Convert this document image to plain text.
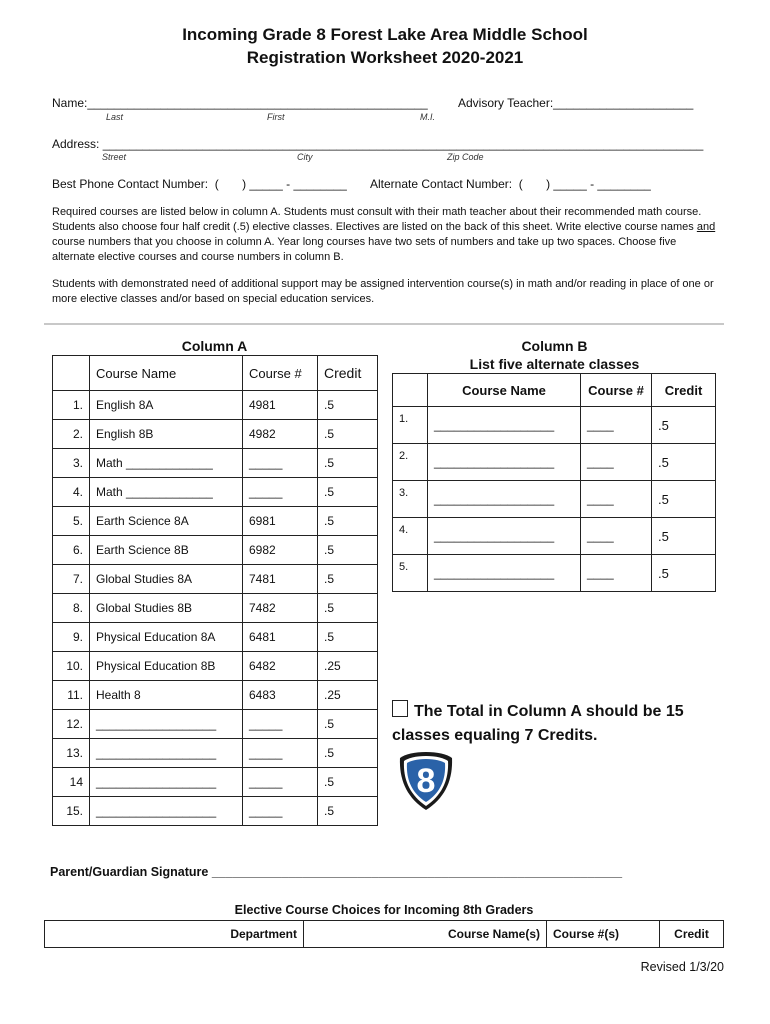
Incoming Grade 8 Forest Lake Area Middle School
Registration Worksheet 2020-2021
Name:___________________________________________________	Advisory Teacher:_____________________
Last	First	M.I.
Address: __________________________________________________________________________________________
Street	City	Zip Code
Best Phone Contact Number:  (       ) _____ - ________ Alternate Contact Number:  (       ) _____ - ________
Required courses are listed below in column A. Students must consult with their math teacher about their recommended math course. Students also choose four half credit (.5) elective classes. Electives are listed on the back of this sheet. Write elective course names and course numbers that you choose in column A. Year long courses have two sets of numbers and take up two spaces. Choose five alternate elective courses and course numbers in column B.
Students with demonstrated need of additional support may be assigned intervention course(s) in math and/or reading in place of one or more elective classes and/or based on special education services.
Column A
	Course Name	Course #	Credit
1.	English 8A	4981	.5
2.	English 8B	4982	.5
3.	Math _____________	_____	.5
4.	Math _____________	_____	.5
5.	Earth Science 8A	6981	.5
6.	Earth Science 8B	6982	.5
7.	Global Studies 8A	7481	.5
8.	Global Studies 8B	7482	.5
9.	Physical Education 8A	6481	.5
10.	Physical Education 8B	6482	.25
11.	Health 8	6483	.25
12.	__________________	_____	.5
13.	__________________	_____	.5
14	__________________	_____	.5
15.	__________________	_____	.5
Column B
List five alternate classes
	Course Name	Course #	Credit
1.	__________________	____	.5
2.	__________________	____	.5
3.	__________________	____	.5
4.	__________________	____	.5
5.	__________________	____	.5
The Total in Column A should be 15 classes equaling 7 Credits.
8
Parent/Guardian Signature ___________________________________________________________
Elective Course Choices for Incoming 8th Graders
Department	Course Name(s)	Course #(s)	Credit
Revised 1/3/20
